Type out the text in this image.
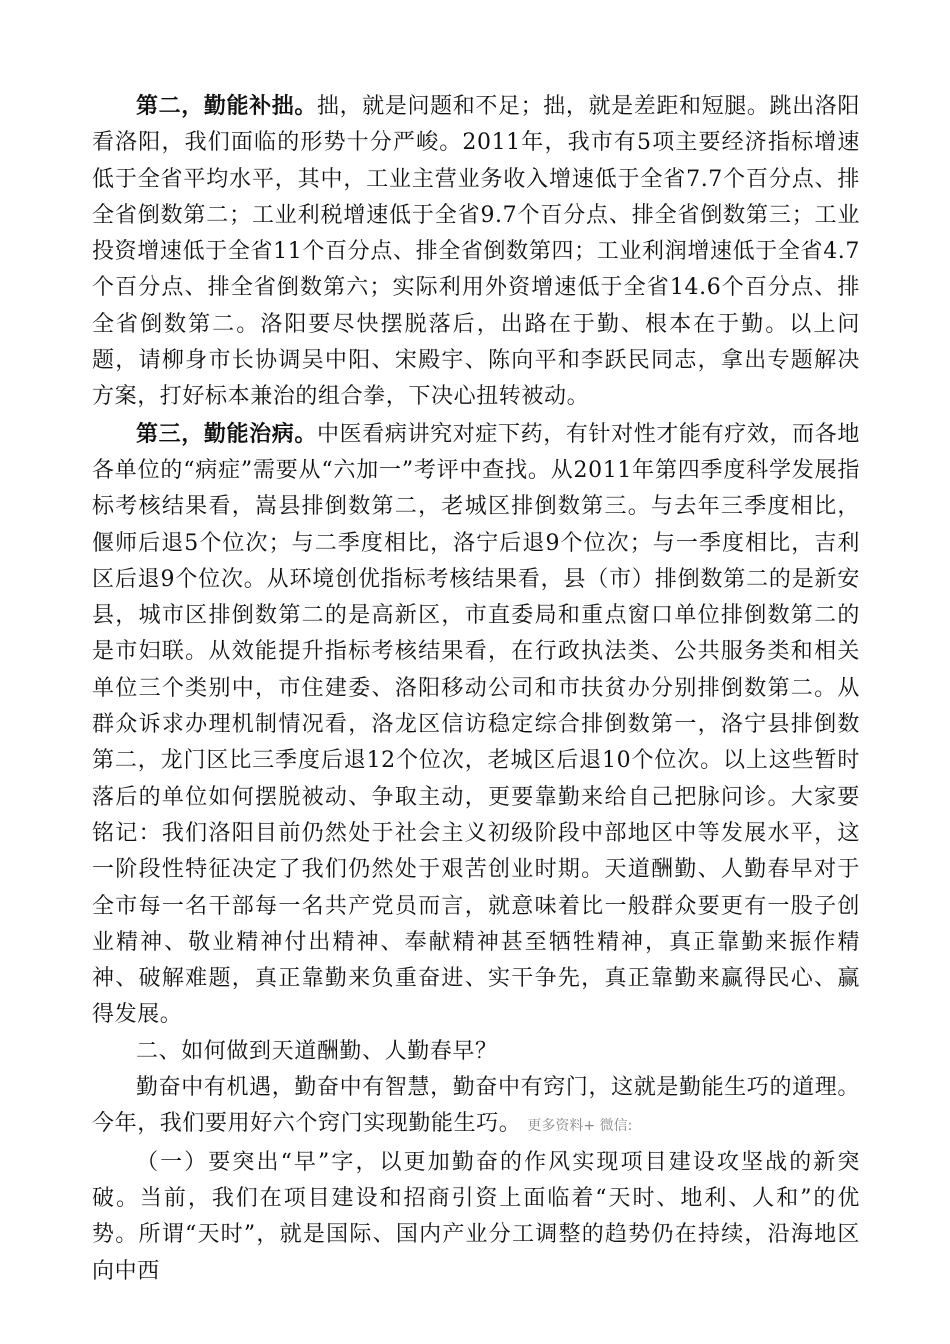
第二，勤能补拙。拙，就是问题和不足；拙，就是差距和短腿。跳出洛阳看洛阳，我们面临的形势十分严峻。2011年，我市有5项主要经济指标增速低于全省平均水平，其中，工业主营业务收入增速低于全省7.7个百分点、排全省倒数第二；工业利税增速低于全省9.7个百分点、排全省倒数第三；工业投资增速低于全省11个百分点、排全省倒数第四；工业利润增速低于全省4.7个百分点、排全省倒数第六；实际利用外资增速低于全省14.6个百分点、排全省倒数第二。洛阳要尽快摆脱落后，出路在于勤、根本在于勤。以上问题，请柳身市长协调吴中阳、宋殿宇、陈向平和李跃民同志，拿出专题解决方案，打好标本兼治的组合拳，下决心扭转被动。

第三，勤能治病。中医看病讲究对症下药，有针对性才能有疗效，而各地各单位的“病症”需要从“六加一”考评中查找。从2011年第四季度科学发展指标考核结果看，嵩县排倒数第二，老城区排倒数第三。与去年三季度相比，偃师后退5个位次；与二季度相比，洛宁后退9个位次；与一季度相比，吉利区后退9个位次。从环境创优指标考核结果看，县（市）排倒数第二的是新安县，城市区排倒数第二的是高新区，市直委局和重点窗口单位排倒数第二的是市妇联。从效能提升指标考核结果看，在行政执法类、公共服务类和相关单位三个类别中，市住建委、洛阳移动公司和市扶贫办分别排倒数第二。从群众诉求办理机制情况看，洛龙区信访稳定综合排倒数第一，洛宁县排倒数第二，龙门区比三季度后退12个位次，老城区后退10个位次。以上这些暂时落后的单位如何摆脱被动、争取主动，更要靠勤来给自己把脉问诊。大家要铭记：我们洛阳目前仍然处于社会主义初级阶段中部地区中等发展水平，这一阶段性特征决定了我们仍然处于艰苦创业时期。天道酬勤、人勤春早对于全市每一名干部每一名共产党员而言，就意味着比一般群众要更有一股子创业精神、敬业精神付出精神、奉献精神甚至牺牲精神，真正靠勤来振作精神、破解难题，真正靠勤来负重奋进、实干争先，真正靠勤来赢得民心、赢得发展。

二、如何做到天道酬勤、人勤春早？

勤奋中有机遇，勤奋中有智慧，勤奋中有窍门，这就是勤能生巧的道理。今年，我们要用好六个窍门实现勤能生巧。 更多资料+ 微信:

（一）要突出“早”字，以更加勤奋的作风实现项目建设攻坚战的新突破。当前，我们在项目建设和招商引资上面临着“天时、地利、人和”的优势。所谓“天时”，就是国际、国内产业分工调整的趋势仍在持续，沿海地区向中西
